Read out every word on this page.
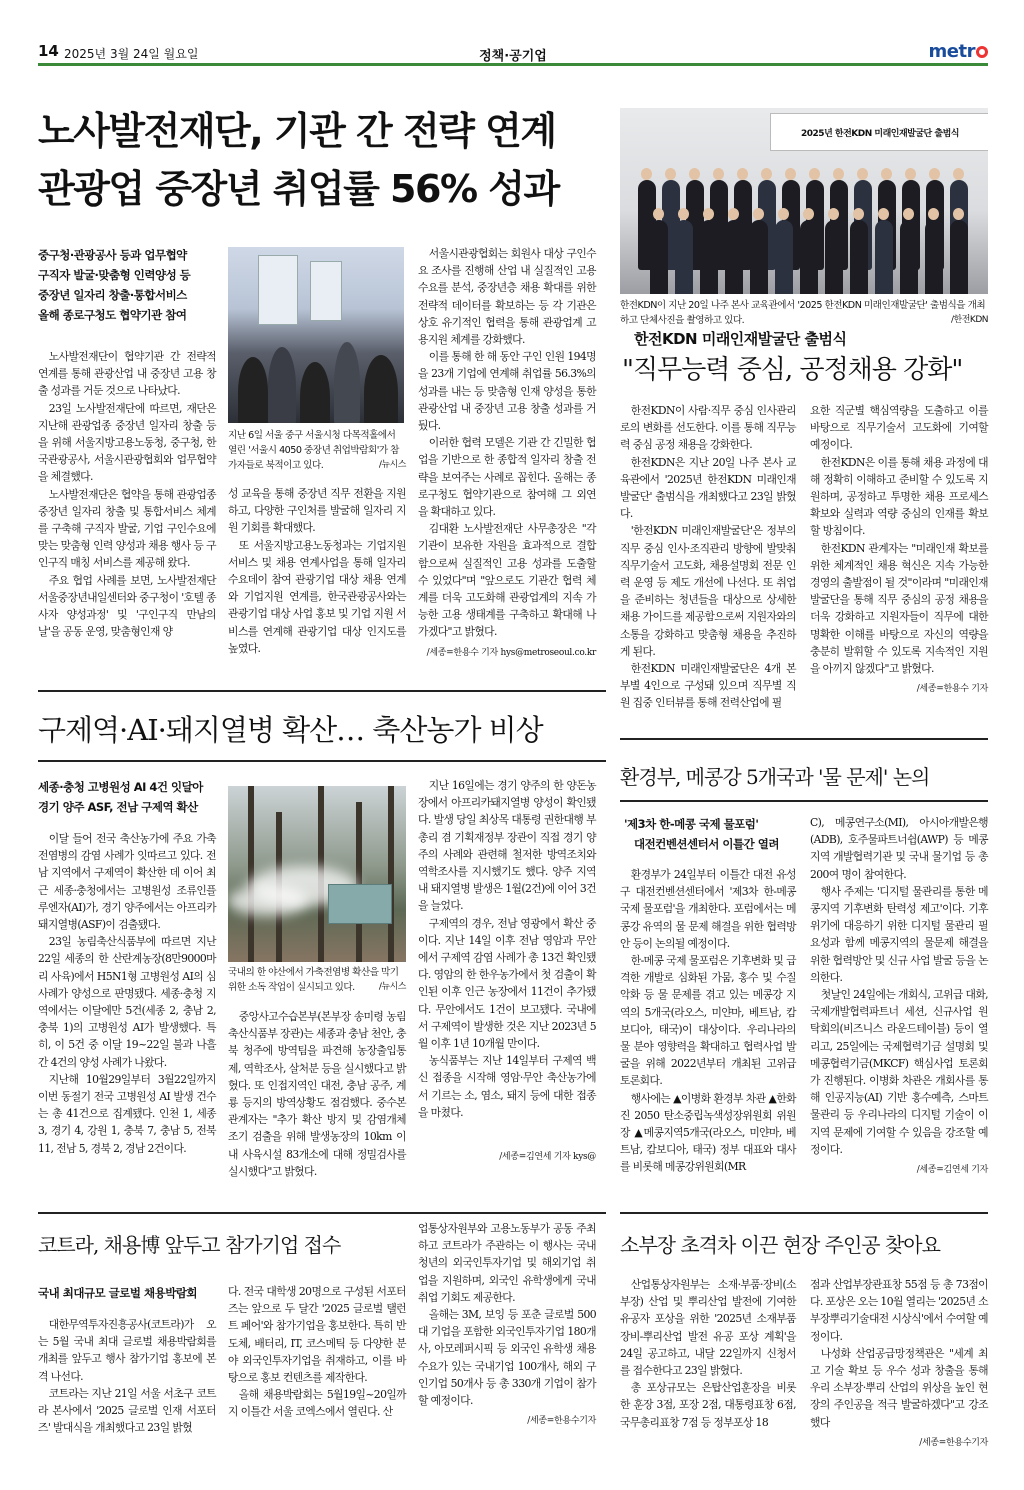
14 2025년 3월 24일 월요일	정책·공기업	metr
노사발전재단, 기관 간 전략 연계
관광업 중장년 취업률 56% 성과
중구청·관광공사 등과 업무협약
구직자 발굴·맞춤형 인력양성 등
중장년 일자리 창출·통합서비스
올해 종로구청도 협약기관 참여

노사발전재단이 협약기관 간 전략적 연계를 통해 관광산업 내 중장년 고용 창출 성과를 거둔 것으로 나타났다.

23일 노사발전재단에 따르면, 재단은 지난해 관광업종 중장년 일자리 창출 등을 위해 서울지방고용노동청, 중구청, 한국관광공사, 서울시관광협회와 업무협약을 체결했다.

노사발전재단은 협약을 통해 관광업종 중장년 일자리 창출 및 통합서비스 체계를 구축해 구직자 발굴, 기업 구인수요에 맞는 맞춤형 인력 양성과 채용 행사 등 구인구직 매칭 서비스를 제공해 왔다.

주요 협업 사례를 보면, 노사발전재단 서울중장년내일센터와 중구청이 '호텔 종사자 양성과정' 및 '구인구직 만남의 날'을 공동 운영, 맞춤형인재 양

지난 6일 서울 중구 서울시청 다목적홀에서 열린 '서울시 4050 중장년 취업박람회'가 참가자들로 북적이고 있다.	/뉴시스

성 교육을 통해 중장년 직무 전환을 지원하고, 다양한 구인처를 발굴해 일자리 지원 기회를 확대했다.

또 서울지방고용노동청과는 기업지원서비스 및 채용 연계사업을 통해 일자리수요데이 참여 관광기업 대상 채용 연계와 기업지원 연계를, 한국관광공사와는 관광기업 대상 사업 홍보 및 기업 지원 서비스를 연계해 관광기업 대상 인지도를 높였다.

서울시관광협회는 회원사 대상 구인수요 조사를 진행해 산업 내 실질적인 고용 수요를 분석, 중장년층 채용 확대를 위한 전략적 데이터를 확보하는 등 각 기관은 상호 유기적인 협력을 통해 관광업계 고용지원 체계를 강화했다.

이를 통해 한 해 동안 구인 인원 194명을 23개 기업에 연계해 취업률 56.3%의 성과를 내는 등 맞춤형 인재 양성을 통한 관광산업 내 중장년 고용 창출 성과를 거뒀다.

이러한 협력 모델은 기관 간 긴밀한 협업을 기반으로 한 종합적 일자리 창출 전략을 보여주는 사례로 꼽힌다. 올해는 종로구청도 협약기관으로 참여해 그 외연을 확대하고 있다.

김대환 노사발전재단 사무총장은 "각 기관이 보유한 자원을 효과적으로 결합함으로써 실질적인 고용 성과를 도출할 수 있었다"며 "앞으로도 기관간 협력 체계를 더욱 고도화해 관광업계의 지속 가능한 고용 생태계를 구축하고 확대해 나가겠다"고 밝혔다.

/세종=한용수 기자 hys@metroseoul.co.kr
2025년 한전KDN 미래인재발굴단 출범식
한전KDN이 지난 20일 나주 본사 교육관에서 '2025 한전KDN 미래인재발굴단' 출범식을 개최하고 단체사진을 촬영하고 있다.	/한전KDN
한전KDN 미래인재발굴단 출범식
"직무능력 중심, 공정채용 강화"

한전KDN이 사람·직무 중심 인사관리로의 변화를 선도한다. 이를 통해 직무능력 중심 공정 채용을 강화한다.

한전KDN은 지난 20일 나주 본사 교육관에서 '2025년 한전KDN 미래인재발굴단' 출범식을 개최했다고 23일 밝혔다.

'한전KDN 미래인재발굴단'은 정부의 직무 중심 인사·조직관리 방향에 발맞춰 직무기술서 고도화, 채용설명회 전문 인력 운영 등 제도 개선에 나선다. 또 취업을 준비하는 청년들을 대상으로 상세한 채용 가이드를 제공함으로써 지원자와의 소통을 강화하고 맞춤형 채용을 추진하게 된다.

한전KDN 미래인재발굴단은 4개 본부별 4인으로 구성돼 있으며 직무별 직원 집중 인터뷰를 통해 전력산업에 필

요한 직군별 핵심역량을 도출하고 이를 바탕으로 직무기술서 고도화에 기여할 예정이다.

한전KDN은 이를 통해 채용 과정에 대해 정확히 이해하고 준비할 수 있도록 지원하며, 공정하고 투명한 채용 프로세스 확보와 실력과 역량 중심의 인재를 확보할 방침이다.

한전KDN 관계자는 "미래인재 확보를 위한 체계적인 채용 혁신은 지속 가능한 경영의 출발점이 될 것"이라며 "미래인재발굴단을 통해 직무 중심의 공정 채용을 더욱 강화하고 지원자들이 직무에 대한 명확한 이해를 바탕으로 자신의 역량을 충분히 발휘할 수 있도록 지속적인 지원을 아끼지 않겠다"고 밝혔다.

/세종=한용수 기자
구제역·AI·돼지열병 확산… 축산농가 비상
세종·충청 고병원성 AI 4건 잇달아
경기 양주 ASF, 전남 구제역 확산

이달 들어 전국 축산농가에 주요 가축전염병의 감염 사례가 잇따르고 있다. 전남 지역에서 구제역이 확산한 데 이어 최근 세종·충청에서는 고병원성 조류인플루엔자(AI)가, 경기 양주에서는 아프리카돼지열병(ASF)이 검출됐다.

23일 농림축산식품부에 따르면 지난 22일 세종의 한 산란계농장(8만9000마리 사육)에서 H5N1형 고병원성 AI의 심사례가 양성으로 판명됐다. 세종·충청 지역에서는 이달에만 5건(세종 2, 충남 2, 충북 1)의 고병원성 AI가 발생했다. 특히, 이 5건 중 이달 19~22일 불과 나흘간 4건의 양성 사례가 나왔다.

지난해 10월29일부터 3월22일까지 이번 동절기 전국 고병원성 AI 발생 건수는 총 41건으로 집계됐다. 인천 1, 세종 3, 경기 4, 강원 1, 충북 7, 충남 5, 전북 11, 전남 5, 경북 2, 경남 2건이다.

국내의 한 야산에서 가축전염병 확산을 막기 위한 소독 작업이 실시되고 있다.	/뉴시스

중앙사고수습본부(본부장 송미령 농림축산식품부 장관)는 세종과 충남 천안, 충북 청주에 방역팀을 파견해 농장출입통제, 역학조사, 살처분 등을 실시했다고 밝혔다. 또 인접지역인 대전, 충남 공주, 계룡 등지의 방역상황도 점검했다. 중수본 관계자는 "추가 확산 방지 및 감염개체 조기 검출을 위해 발생농장의 10km 이내 사육시설 83개소에 대해 정밀검사를 실시했다"고 밝혔다.

지난 16일에는 경기 양주의 한 양돈농장에서 아프리카돼지열병 양성이 확인됐다. 발생 당일 최상목 대통령 권한대행 부총리 겸 기획재정부 장관이 직접 경기 양주의 사례와 관련해 철저한 방역조치와 역학조사를 지시했기도 했다. 양주 지역 내 돼지열병 발생은 1월(2건)에 이어 3건을 늘었다.

구제역의 경우, 전남 영광에서 확산 중이다. 지난 14일 이후 전남 영암과 무안에서 구제역 감염 사례가 총 13건 확인됐다. 영암의 한 한우농가에서 첫 검출이 확인된 이후 인근 농장에서 11건이 추가됐다. 무안에서도 1건이 보고됐다. 국내에서 구제역이 발생한 것은 지난 2023년 5월 이후 1년 10개월 만이다.

농식품부는 지난 14일부터 구제역 백신 접종을 시작해 영암·무안 축산농가에서 기르는 소, 염소, 돼지 등에 대한 접종을 마쳤다.

/세종=김연세 기자 kys@
환경부, 메콩강 5개국과 '물 문제' 논의
'제3차 한-메콩 국제 물포럼'
대전컨벤션센터서 이틀간 열려

환경부가 24일부터 이틀간 대전 유성구 대전컨벤션센터에서 '제3차 한-메콩 국제 물포럼'을 개최한다. 포럼에서는 메콩강 유역의 물 문제 해결을 위한 협력방안 등이 논의될 예정이다.

한-메콩 국제 물포럼은 기후변화 및 급격한 개발로 심화된 가뭄, 홍수 및 수질악화 등 물 문제를 겪고 있는 메콩강 지역의 5개국(라오스, 미얀마, 베트남, 캄보디아, 태국)이 대상이다. 우리나라의 물 분야 영향력을 확대하고 협력사업 발굴을 위해 2022년부터 개최된 고위급 토론회다.

행사에는 ▲이병화 환경부 차관 ▲한화진 2050 탄소중립녹색성장위원회 위원장 ▲메콩지역5개국(라오스, 미얀마, 베트남, 캄보디아, 태국) 정부 대표와 대사를 비롯해 메콩강위원회(MR

C), 메콩연구소(MI), 아시아개발은행(ADB), 호주물파트너쉽(AWP) 등 메콩지역 개발협력기관 및 국내 물기업 등 총 200여 명이 참여한다.

행사 주제는 '디지털 물관리를 통한 메콩지역 기후변화 탄력성 제고'이다. 기후위기에 대응하기 위한 디지털 물관리 필요성과 함께 메콩지역의 물문제 해결을 위한 협력방안 및 신규 사업 발굴 등을 논의한다.

첫날인 24일에는 개회식, 고위급 대화, 국제개발협력파트너 세션, 신규사업 원탁회의(비즈니스 라운드테이블) 등이 열리고, 25일에는 국제협력기금 설명회 및 메콩협력기금(MKCF) 핵심사업 토론회가 진행된다. 이병화 차관은 개회사를 통해 인공지능(AI) 기반 홍수예측, 스마트 물관리 등 우리나라의 디지털 기술이 이 지역 문제에 기여할 수 있음을 강조할 예정이다.

/세종=김연세 기자
코트라, 채용博 앞두고 참가기업 접수
국내 최대규모 글로벌 채용박람회

대한무역투자진흥공사(코트라)가 오는 5월 국내 최대 글로벌 채용박람회를 개최를 앞두고 행사 참가기업 홍보에 본격 나선다.

코트라는 지난 21일 서울 서초구 코트라 본사에서 '2025 글로벌 인재 서포터즈' 발대식을 개최했다고 23일 밝혔

다. 전국 대학생 20명으로 구성된 서포터즈는 앞으로 두 달간 '2025 글로벌 탤런트 페어'와 참가기업을 홍보한다. 특히 반도체, 배터리, IT, 코스메틱 등 다양한 분야 외국인투자기업을 취재하고, 이를 바탕으로 홍보 컨텐츠를 제작한다.

올해 채용박람회는 5월19일~20일까지 이틀간 서울 코엑스에서 열린다. 산

업통상자원부와 고용노동부가 공동 주최하고 코트라가 주관하는 이 행사는 국내 청년의 외국인투자기업 및 해외기업 취업을 지원하며, 외국인 유학생에게 국내 취업 기회도 제공한다.

올해는 3M, 보잉 등 포춘 글로벌 500대 기업을 포함한 외국인투자기업 180개사, 아모레퍼시픽 등 외국인 유학생 채용 수요가 있는 국내기업 100개사, 해외 구인기업 50개사 등 총 330개 기업이 참가할 예정이다.

/세종=한용수기자
소부장 초격차 이끈 현장 주인공 찾아요

산업통상자원부는 소재·부품·장비(소부장) 산업 및 뿌리산업 발전에 기여한 유공자 포상을 위한 '2025년 소재부품장비-뿌리산업 발전 유공 포상 계획'을 24일 공고하고, 내달 22일까지 신청서를 접수한다고 23일 밝혔다.

총 포상규모는 은탑산업훈장을 비롯한 훈장 3점, 포장 2점, 대통령표창 6점, 국무총리표창 7점 등 정부포상 18

점과 산업부장관표창 55점 등 총 73점이다. 포상은 오는 10월 열리는 '2025년 소부장뿌리기술대전 시상식'에서 수여할 예정이다.

나성화 산업공급망정책관은 "세계 최고 기술 확보 등 우수 성과 창출을 통해 우리 소부장·뿌리 산업의 위상을 높인 현장의 주인공을 적극 발굴하겠다"고 강조했다

/세종=한용수기자
